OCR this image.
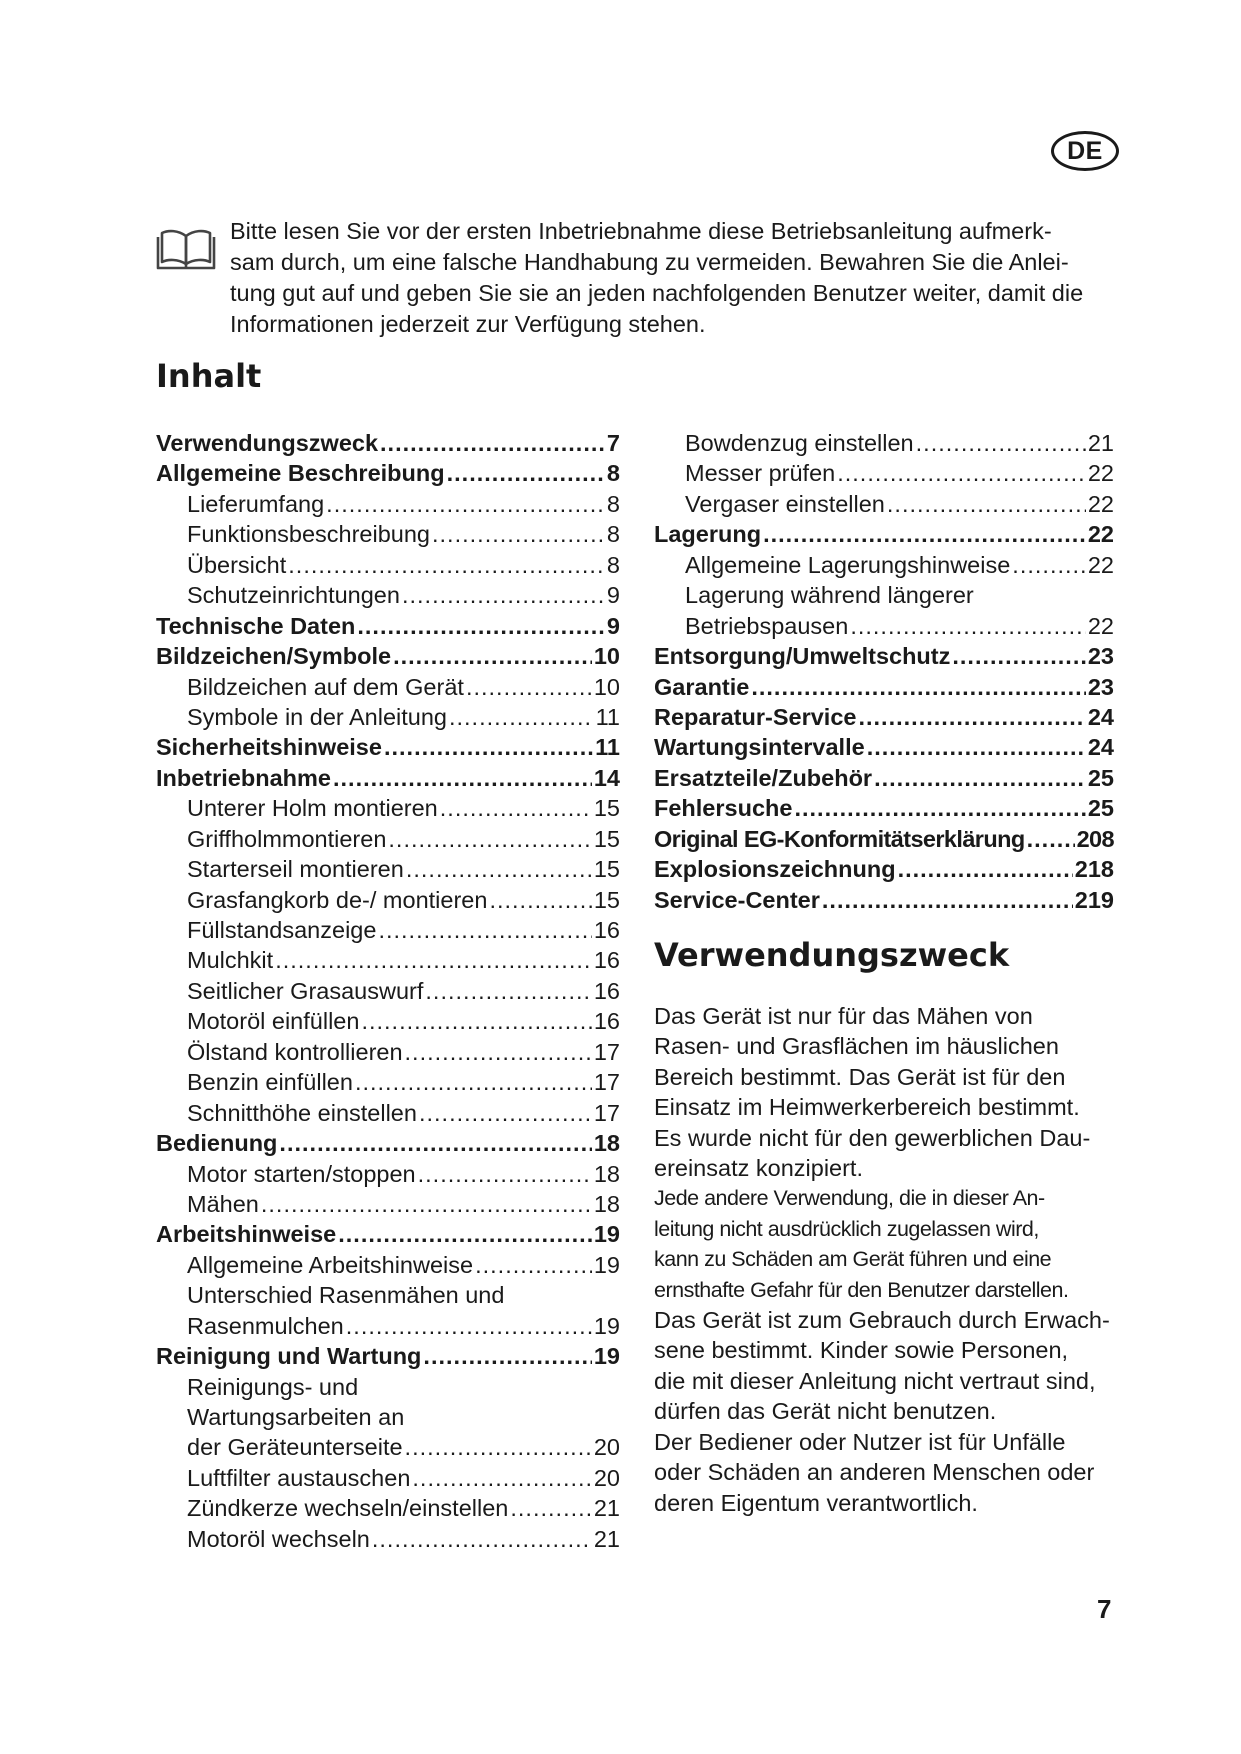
DE

Bitte lesen Sie vor der ersten Inbetriebnahme diese Betriebsanleitung aufmerk-
sam durch, um eine falsche Handhabung zu vermeiden. Bewahren Sie die Anlei-
tung gut auf und geben Sie sie an jeden nachfolgenden Benutzer weiter, damit die
Informationen jederzeit zur Verfügung stehen.

Inhalt
Verwendungszweck .....	7
Allgemeine Beschreibung .....	8
Lieferumfang .....	8
Funktionsbeschreibung .....	8
Übersicht .....	8
Schutzeinrichtungen .....	9
Technische Daten .....	9
Bildzeichen/Symbole .....	10
Bildzeichen auf dem Gerät .....	10
Symbole in der Anleitung .....	11
Sicherheitshinweise .....	11
Inbetriebnahme .....	14
Unterer Holm montieren .....	15
Griffholmmontieren .....	15
Starterseil montieren .....	15
Grasfangkorb de-/ montieren .....	15
Füllstandsanzeige .....	16
Mulchkit .....	16
Seitlicher Grasauswurf .....	16
Motoröl einfüllen .....	16
Ölstand kontrollieren .....	17
Benzin einfüllen .....	17
Schnitthöhe einstellen .....	17
Bedienung .....	18
Motor starten/stoppen .....	18
Mähen .....	18
Arbeitshinweise .....	19
Allgemeine Arbeitshinweise .....	19
Unterschied Rasenmähen und
Rasenmulchen .....	19
Reinigung und Wartung .....	19
Reinigungs- und
Wartungsarbeiten an
der Geräteunterseite .....	20
Luftfilter austauschen .....	20
Zündkerze wechseln/einstellen .....	21
Motoröl wechseln .....	21
Bowdenzug einstellen .....	21
Messer prüfen .....	22
Vergaser einstellen .....	22
Lagerung .....	22
Allgemeine Lagerungshinweise .....	22
Lagerung während längerer
Betriebspausen .....	22
Entsorgung/Umweltschutz .....	23
Garantie .....	23
Reparatur-Service .....	24
Wartungsintervalle .....	24
Ersatzteile/Zubehör .....	25
Fehlersuche .....	25
Original EG-Konformitätserklärung ..... 208
Explosionszeichnung .....	218
Service-Center .....	219
Verwendungszweck

Das Gerät ist nur für das Mähen von
Rasen- und Grasflächen im häuslichen
Bereich bestimmt. Das Gerät ist für den
Einsatz im Heimwerkerbereich bestimmt.
Es wurde nicht für den gewerblichen Dau-
ereinsatz konzipiert.
Jede andere Verwendung, die in dieser An-
leitung nicht ausdrücklich zugelassen wird,
kann zu Schäden am Gerät führen und eine
ernsthafte Gefahr für den Benutzer darstellen.
Das Gerät ist zum Gebrauch durch Erwach-
sene bestimmt. Kinder sowie Personen,
die mit dieser Anleitung nicht vertraut sind,
dürfen das Gerät nicht benutzen.
Der Bediener oder Nutzer ist für Unfälle
oder Schäden an anderen Menschen oder
deren Eigentum verantwortlich.

7
